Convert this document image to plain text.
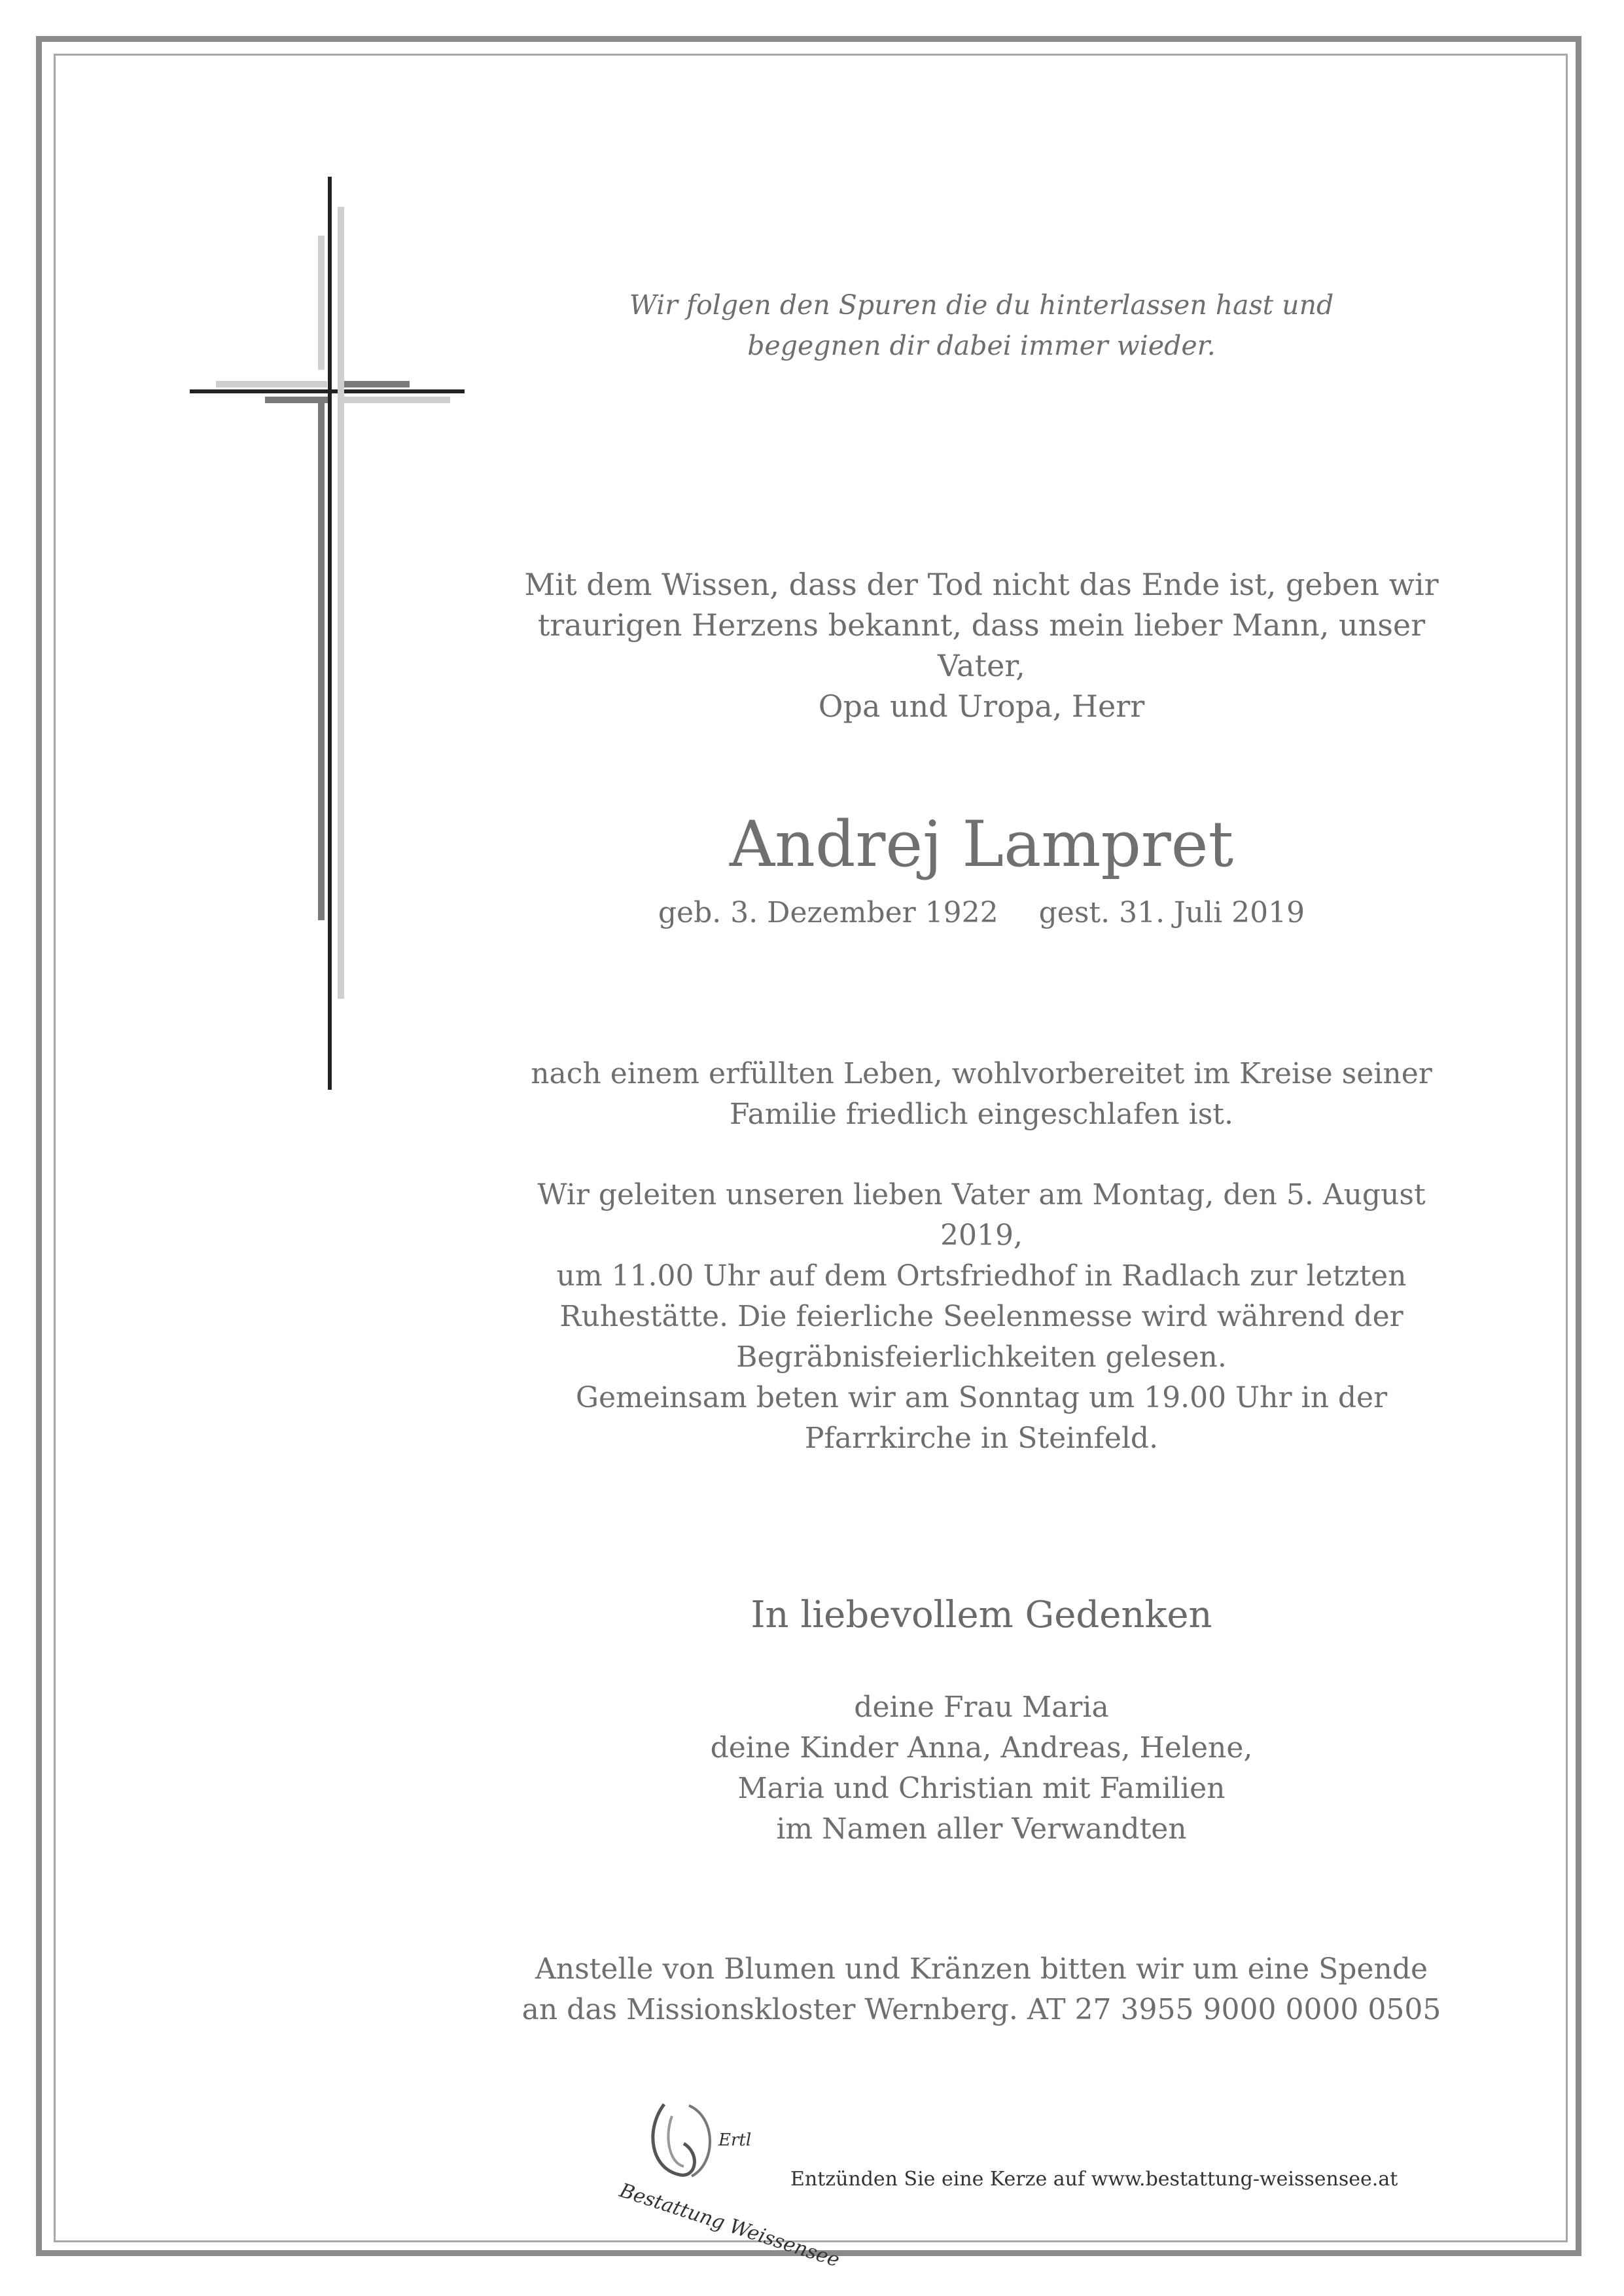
Wir folgen den Spuren die du hinterlassen hast und
begegnen dir dabei immer wieder.
Mit dem Wissen, dass der Tod nicht das Ende ist, geben wir
traurigen Herzens bekannt, dass mein lieber Mann, unser Vater,
Opa und Uropa, Herr
Andrej Lampret
geb. 3. Dezember 1922 gest. 31. Juli 2019
nach einem erfüllten Leben, wohlvorbereitet im Kreise seiner
Familie friedlich eingeschlafen ist.
Wir geleiten unseren lieben Vater am Montag, den 5. August 2019,
um 11.00 Uhr auf dem Ortsfriedhof in Radlach zur letzten
Ruhestätte. Die feierliche Seelenmesse wird während der
Begräbnisfeierlichkeiten gelesen.
Gemeinsam beten wir am Sonntag um 19.00 Uhr in der
Pfarrkirche in Steinfeld.
In liebevollem Gedenken
deine Frau Maria
deine Kinder Anna, Andreas, Helene,
Maria und Christian mit Familien
im Namen aller Verwandten
Anstelle von Blumen und Kränzen bitten wir um eine Spende
an das Missionskloster Wernberg. AT 27 3955 9000 0000 0505
Bestattung Weissensee
Ertl
Entzünden Sie eine Kerze auf www.bestattung-weissensee.at
